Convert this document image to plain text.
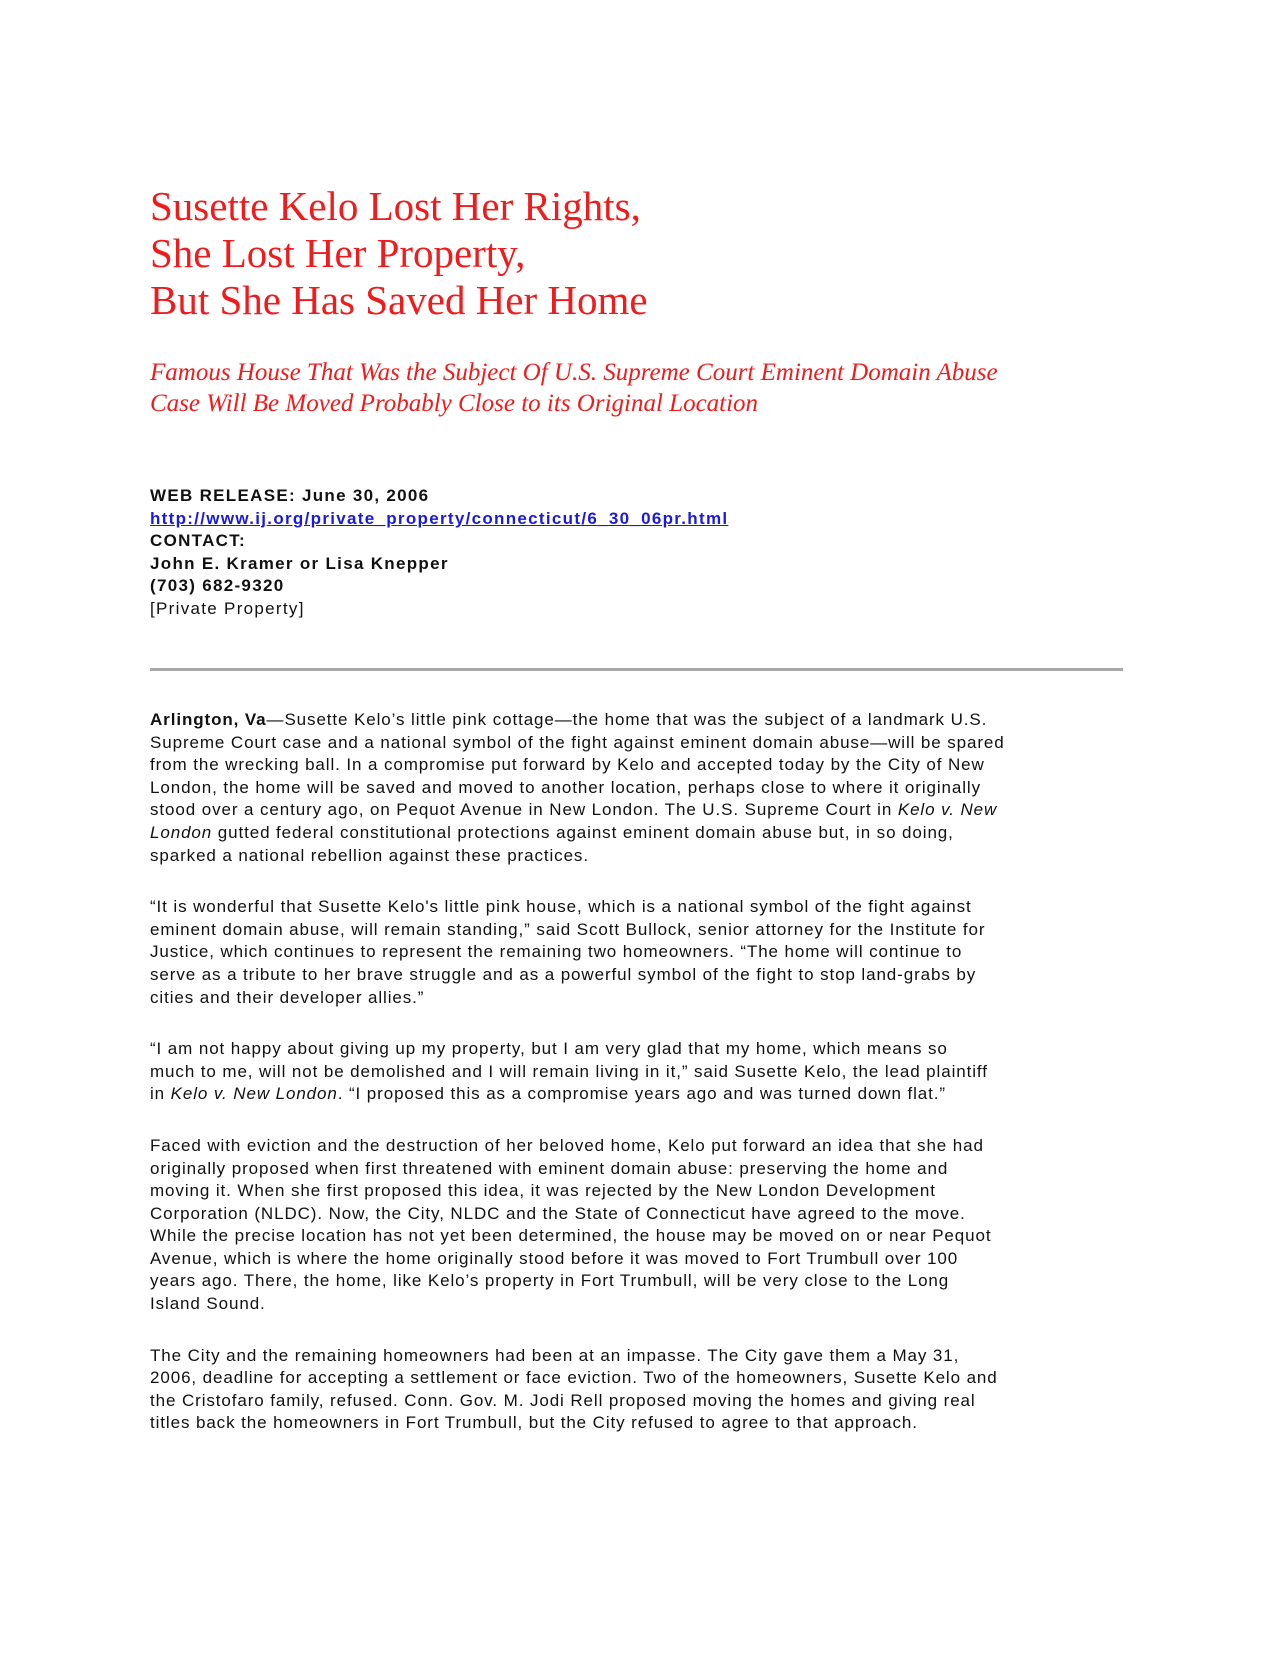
Susette Kelo Lost Her Rights,
She Lost Her Property,
But She Has Saved Her Home

Famous House That Was the Subject Of U.S. Supreme Court Eminent Domain Abuse
Case Will Be Moved Probably Close to its Original Location

WEB RELEASE: June 30, 2006
http://www.ij.org/private_property/connecticut/6_30_06pr.html
CONTACT:
John E. Kramer or Lisa Knepper
(703) 682-9320
[Private Property]

Arlington, Va—Susette Kelo’s little pink cottage—the home that was the subject of a landmark U.S.
Supreme Court case and a national symbol of the fight against eminent domain abuse—will be spared
from the wrecking ball. In a compromise put forward by Kelo and accepted today by the City of New
London, the home will be saved and moved to another location, perhaps close to where it originally
stood over a century ago, on Pequot Avenue in New London. The U.S. Supreme Court in Kelo v. New
London gutted federal constitutional protections against eminent domain abuse but, in so doing,
sparked a national rebellion against these practices.

“It is wonderful that Susette Kelo's little pink house, which is a national symbol of the fight against
eminent domain abuse, will remain standing,” said Scott Bullock, senior attorney for the Institute for
Justice, which continues to represent the remaining two homeowners. “The home will continue to
serve as a tribute to her brave struggle and as a powerful symbol of the fight to stop land-grabs by
cities and their developer allies.”

“I am not happy about giving up my property, but I am very glad that my home, which means so
much to me, will not be demolished and I will remain living in it,” said Susette Kelo, the lead plaintiff
in Kelo v. New London. “I proposed this as a compromise years ago and was turned down flat.”

Faced with eviction and the destruction of her beloved home, Kelo put forward an idea that she had
originally proposed when first threatened with eminent domain abuse: preserving the home and
moving it. When she first proposed this idea, it was rejected by the New London Development
Corporation (NLDC). Now, the City, NLDC and the State of Connecticut have agreed to the move.
While the precise location has not yet been determined, the house may be moved on or near Pequot
Avenue, which is where the home originally stood before it was moved to Fort Trumbull over 100
years ago. There, the home, like Kelo’s property in Fort Trumbull, will be very close to the Long
Island Sound.

The City and the remaining homeowners had been at an impasse. The City gave them a May 31,
2006, deadline for accepting a settlement or face eviction. Two of the homeowners, Susette Kelo and
the Cristofaro family, refused. Conn. Gov. M. Jodi Rell proposed moving the homes and giving real
titles back the homeowners in Fort Trumbull, but the City refused to agree to that approach.
